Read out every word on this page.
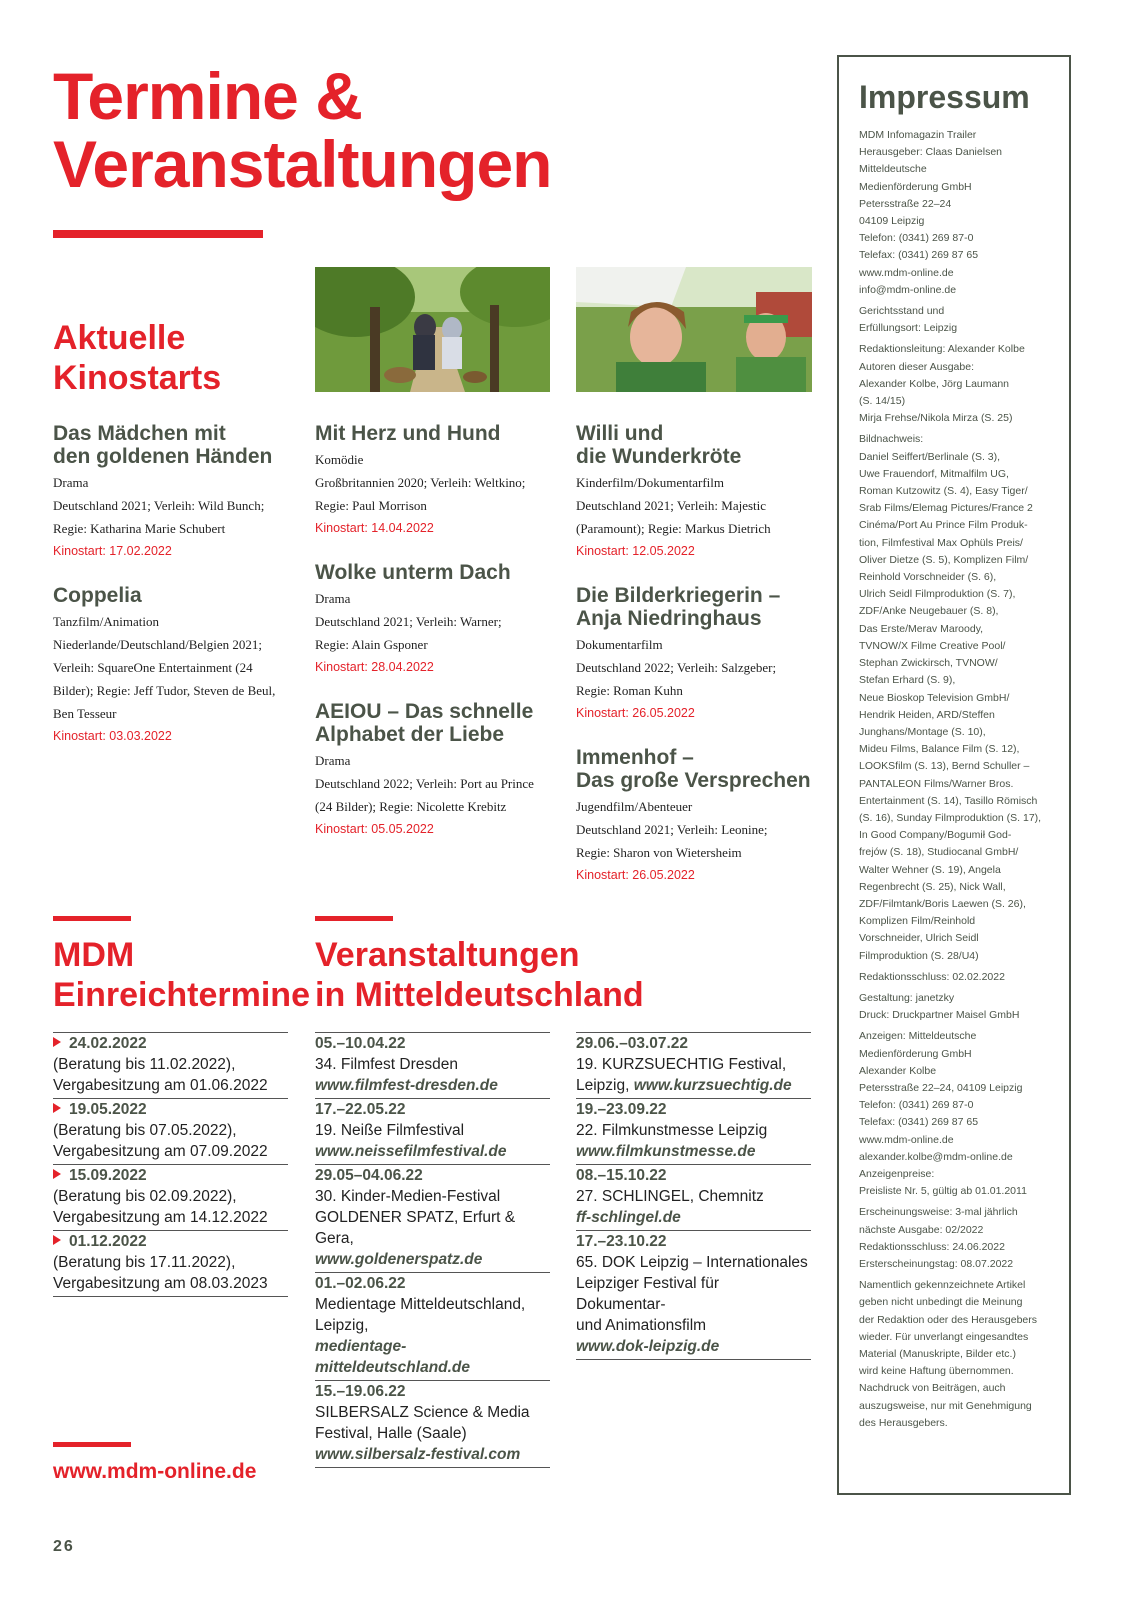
Termine &
Veranstaltungen
Aktuelle
Kinostarts
Das Mädchen mit
den goldenen Händen
Drama
Deutschland 2021; Verleih: Wild Bunch;
Regie: Katharina Marie Schubert
Kinostart: 17.02.2022
Coppelia
Tanzfilm/Animation
Niederlande/Deutschland/Belgien 2021;
Verleih: SquareOne Entertainment (24
Bilder); Regie: Jeff Tudor, Steven de Beul,
Ben Tesseur
Kinostart: 03.03.2022
Mit Herz und Hund
Komödie
Großbritannien 2020; Verleih: Weltkino;
Regie: Paul Morrison
Kinostart: 14.04.2022
Wolke unterm Dach
Drama
Deutschland 2021; Verleih: Warner;
Regie: Alain Gsponer
Kinostart: 28.04.2022
AEIOU – Das schnelle
Alphabet der Liebe
Drama
Deutschland 2022; Verleih: Port au Prince
(24 Bilder); Regie: Nicolette Krebitz
Kinostart: 05.05.2022
Willi und
die Wunderkröte
Kinderfilm/Dokumentarfilm
Deutschland 2021; Verleih: Majestic
(Paramount); Regie: Markus Dietrich
Kinostart: 12.05.2022
Die Bilderkriegerin –
Anja Niedringhaus
Dokumentarfilm
Deutschland 2022; Verleih: Salzgeber;
Regie: Roman Kuhn
Kinostart: 26.05.2022
Immenhof –
Das große Versprechen
Jugendfilm/Abenteuer
Deutschland 2021; Verleih: Leonine;
Regie: Sharon von Wietersheim
Kinostart: 26.05.2022
MDM
Einreichtermine
24.02.2022
(Beratung bis 11.02.2022),
Vergabesitzung am 01.06.2022
19.05.2022
(Beratung bis 07.05.2022),
Vergabesitzung am 07.09.2022
15.09.2022
(Beratung bis 02.09.2022),
Vergabesitzung am 14.12.2022
01.12.2022
(Beratung bis 17.11.2022),
Vergabesitzung am 08.03.2023
Veranstaltungen
in Mitteldeutschland
05.–10.04.22
34. Filmfest Dresden
www.filmfest-dresden.de
17.–22.05.22
19. Neiße Filmfestival
www.neissefilmfestival.de
29.05–04.06.22
30. Kinder-Medien-Festival
GOLDENER SPATZ, Erfurt & Gera,
www.goldenerspatz.de
01.–02.06.22
Medientage Mitteldeutschland,
Leipzig,
medientage-mitteldeutschland.de
15.–19.06.22
SILBERSALZ Science & Media
Festival, Halle (Saale)
www.silbersalz-festival.com
29.06.–03.07.22
19. KURZSUECHTIG Festival,
Leipzig, www.kurzsuechtig.de
19.–23.09.22
22. Filmkunstmesse Leipzig
www.filmkunstmesse.de
08.–15.10.22
27. SCHLINGEL, Chemnitz
ff-schlingel.de
17.–23.10.22
65. DOK Leipzig – Internationales
Leipziger Festival für Dokumentar-
und Animationsfilm
www.dok-leipzig.de
www.mdm-online.de
26
Impressum
MDM Infomagazin Trailer
Herausgeber: Claas Danielsen
Mitteldeutsche
Medienförderung GmbH
Petersstraße 22–24
04109 Leipzig
Telefon: (0341) 269 87-0
Telefax: (0341) 269 87 65
www.mdm-online.de
info@mdm-online.de
Gerichtsstand und
Erfüllungsort: Leipzig
Redaktionsleitung: Alexander Kolbe
Autoren dieser Ausgabe:
Alexander Kolbe, Jörg Laumann
(S. 14/15)
Mirja Frehse/Nikola Mirza (S. 25)
Bildnachweis:
Daniel Seiffert/Berlinale (S. 3),
Uwe Frauendorf, Mitmalfilm UG,
Roman Kutzowitz (S. 4), Easy Tiger/
Srab Films/Elemag Pictures/France 2
Cinéma/Port Au Prince Film Produk-
tion, Filmfestival Max Ophüls Preis/
Oliver Dietze (S. 5), Komplizen Film/
Reinhold Vorschneider (S. 6),
Ulrich Seidl Filmproduktion (S. 7),
ZDF/Anke Neugebauer (S. 8),
Das Erste/Merav Maroody,
TVNOW/X Filme Creative Pool/
Stephan Zwickirsch, TVNOW/
Stefan Erhard (S. 9),
Neue Bioskop Television GmbH/
Hendrik Heiden, ARD/Steffen
Junghans/Montage (S. 10),
Mideu Films, Balance Film (S. 12),
LOOKSfilm (S. 13), Bernd Schuller –
PANTALEON Films/Warner Bros.
Entertainment (S. 14), Tasillo Römisch
(S. 16), Sunday Filmproduktion (S. 17),
In Good Company/Bogumił God-
frejów (S. 18), Studiocanal GmbH/
Walter Wehner (S. 19), Angela
Regenbrecht (S. 25), Nick Wall,
ZDF/Filmtank/Boris Laewen (S. 26),
Komplizen Film/Reinhold
Vorschneider, Ulrich Seidl
Filmproduktion (S. 28/U4)
Redaktionsschluss: 02.02.2022
Gestaltung: janetzky
Druck: Druckpartner Maisel GmbH
Anzeigen: Mitteldeutsche
Medienförderung GmbH
Alexander Kolbe
Petersstraße 22–24, 04109 Leipzig
Telefon: (0341) 269 87-0
Telefax: (0341) 269 87 65
www.mdm-online.de
alexander.kolbe@mdm-online.de
Anzeigenpreise:
Preisliste Nr. 5, gültig ab 01.01.2011
Erscheinungsweise: 3-mal jährlich
nächste Ausgabe: 02/2022
Redaktionsschluss: 24.06.2022
Ersterscheinungstag: 08.07.2022
Namentlich gekennzeichnete Artikel
geben nicht unbedingt die Meinung
der Redaktion oder des Herausgebers
wieder. Für unverlangt eingesandtes
Material (Manuskripte, Bilder etc.)
wird keine Haftung übernommen.
Nachdruck von Beiträgen, auch
auszugsweise, nur mit Genehmigung
des Herausgebers.
